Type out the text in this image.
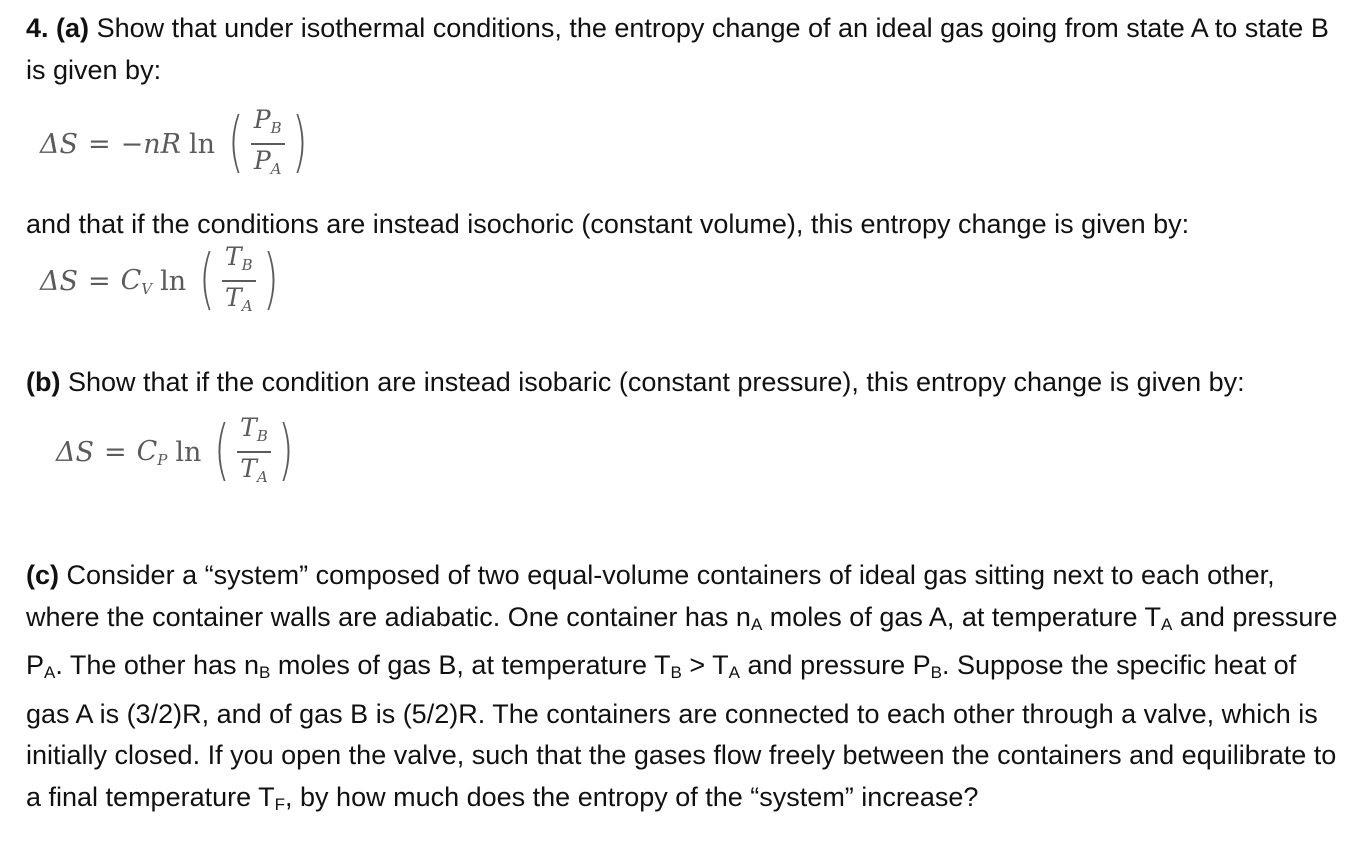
4. (a) Show that under isothermal conditions, the entropy change of an ideal gas going from state A to state B is given by:

ΔS = −nR ln ( $\frac{P_B}{P_A}$ )

and that if the conditions are instead isochoric (constant volume), this entropy change is given by:

$\Delta S = C_V$ ln ( $\frac{T_B}{T_A}$ )

(b) Show that if the condition are instead isobaric (constant pressure), this entropy change is given by:

$\Delta S = C_P$ ln ( $\frac{T_B}{T_A}$ )

(c) Consider a “system” composed of two equal-volume containers of ideal gas sitting next to each other, where the container walls are adiabatic. One container has nA moles of gas A, at temperature TA and pressure PA. The other has nB moles of gas B, at temperature TB > TA and pressure PB. Suppose the specific heat of gas A is (3/2)R, and of gas B is (5/2)R. The containers are connected to each other through a valve, which is initially closed. If you open the valve, such that the gases flow freely between the containers and equilibrate to a final temperature TF, by how much does the entropy of the “system” increase?
